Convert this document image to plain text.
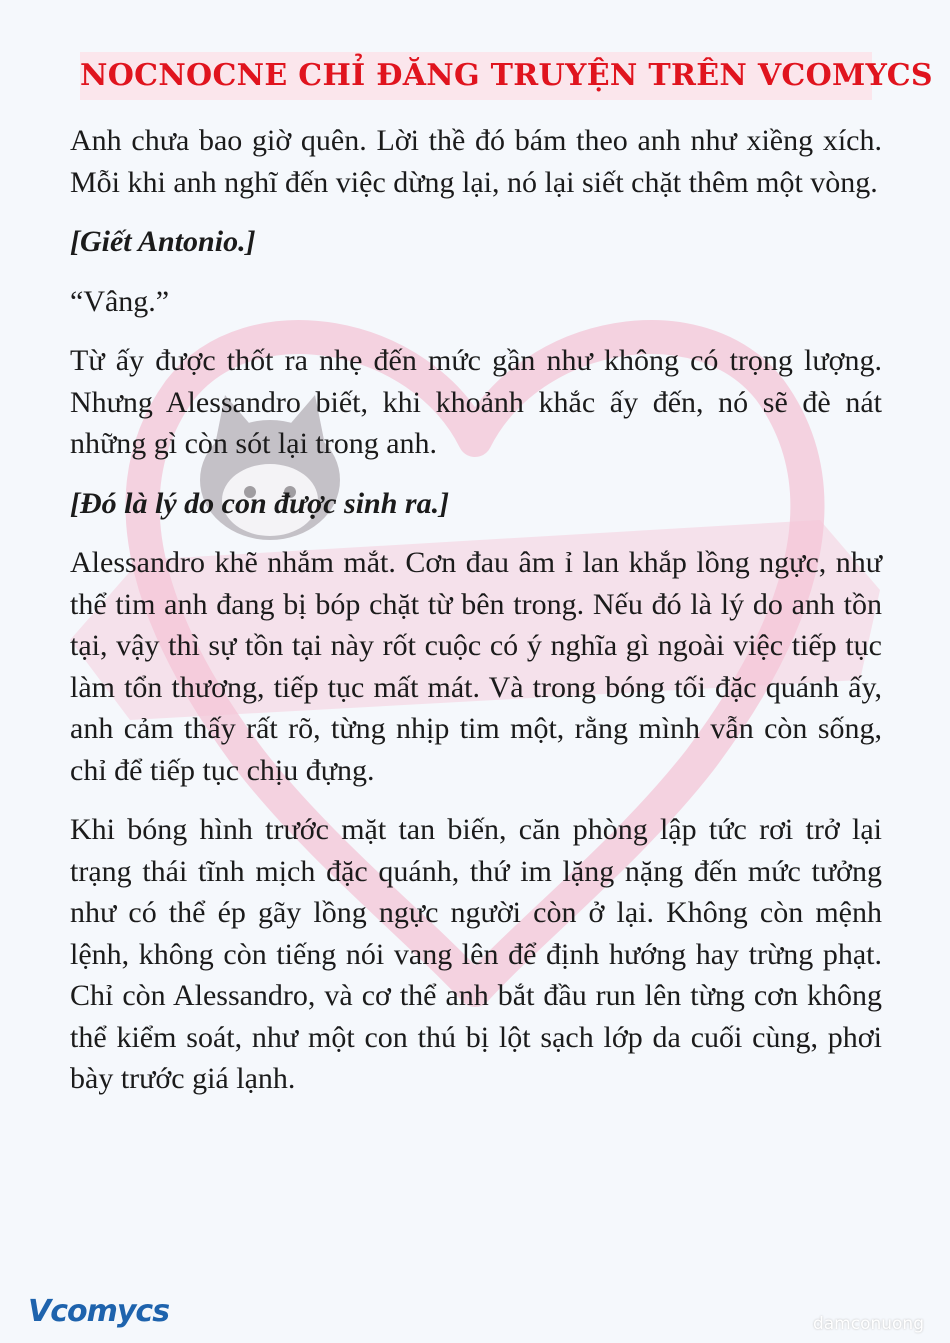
NOCNOCNE CHỈ ĐĂNG TRUYỆN TRÊN VCOMYCS

Anh chưa bao giờ quên. Lời thề đó bám theo anh như xiềng xích. Mỗi khi anh nghĩ đến việc dừng lại, nó lại siết chặt thêm một vòng.

[Giết Antonio.]

“Vâng.”

Từ ấy được thốt ra nhẹ đến mức gần như không có trọng lượng. Nhưng Alessandro biết, khi khoảnh khắc ấy đến, nó sẽ đè nát những gì còn sót lại trong anh.

[Đó là lý do con được sinh ra.]

Alessandro khẽ nhắm mắt. Cơn đau âm ỉ lan khắp lồng ngực, như thể tim anh đang bị bóp chặt từ bên trong. Nếu đó là lý do anh tồn tại, vậy thì sự tồn tại này rốt cuộc có ý nghĩa gì ngoài việc tiếp tục làm tổn thương, tiếp tục mất mát. Và trong bóng tối đặc quánh ấy, anh cảm thấy rất rõ, từng nhịp tim một, rằng mình vẫn còn sống, chỉ để tiếp tục chịu đựng.

Khi bóng hình trước mặt tan biến, căn phòng lập tức rơi trở lại trạng thái tĩnh mịch đặc quánh, thứ im lặng nặng đến mức tưởng như có thể ép gãy lồng ngực người còn ở lại. Không còn mệnh lệnh, không còn tiếng nói vang lên để định hướng hay trừng phạt. Chỉ còn Alessandro, và cơ thể anh bắt đầu run lên từng cơn không thể kiểm soát, như một con thú bị lột sạch lớp da cuối cùng, phơi bày trước giá lạnh.

Vcomycs	damconuong
